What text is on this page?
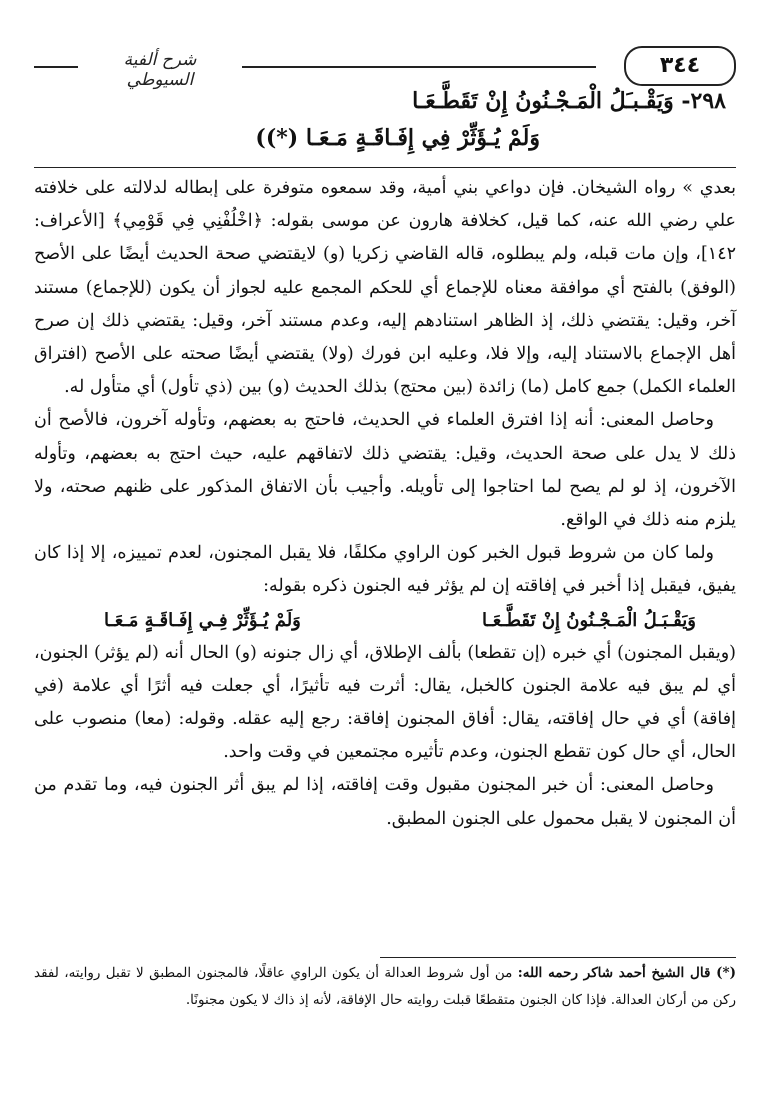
٣٤٤
شرح ألفية السيوطي
٢٩٨- وَيَقْـبـَلُ الْمَـجْـنُونُ إِنْ تَقَطَّـعَـا
وَلَمْ يُـؤَثِّرْ فِي إِفَـاقَـةٍ مَـعَـا (*))

بعدي » رواه الشيخان. فإن دواعي بني أمية، وقد سمعوه متوفرة على إبطاله لدلالته على خلافته علي رضي الله عنه، كما قيل، كخلافة هارون عن موسى بقوله: ﴿اخْلُفْنِي فِي قَوْمِي﴾ [الأعراف: ١٤٢]، وإن مات قبله، ولم يبطلوه، قاله القاضي زكريا (و) لايقتضي صحة الحديث أيضًا على الأصح (الوفق) بالفتح أي موافقة معناه للإجماع أي للحكم المجمع عليه لجواز أن يكون (للإجماع) مستند آخر، وقيل: يقتضي ذلك، إذ الظاهر استنادهم إليه، وعدم مستند آخر، وقيل: يقتضي ذلك إن صرح أهل الإجماع بالاستناد إليه، وإلا فلا، وعليه ابن فورك (ولا) يقتضي أيضًا صحته على الأصح (افتراق العلماء الكمل) جمع كامل (ما) زائدة (بين محتج) بذلك الحديث (و) بين (ذي تأول) أي متأول له.

وحاصل المعنى: أنه إذا افترق العلماء في الحديث، فاحتج به بعضهم، وتأوله آخرون، فالأصح أن ذلك لا يدل على صحة الحديث، وقيل: يقتضي ذلك لاتفاقهم عليه، حيث احتج به بعضهم، وتأوله الآخرون، إذ لو لم يصح لما احتاجوا إلى تأويله. وأجيب بأن الاتفاق المذكور على ظنهم صحته، ولا يلزم منه ذلك في الواقع.

ولما كان من شروط قبول الخبر كون الراوي مكلفًا، فلا يقبل المجنون، لعدم تمييزه، إلا إذا كان يفيق، فيقبل إذا أخبر في إفاقته إن لم يؤثر فيه الجنون ذكره بقوله:

وَيَقْـبَـلُ الْمَـجْـنُونُ إِنْ تَقَطَّـعَـا
وَلَمْ يُـؤَثِّرْ فِـي إِفَـاقَـةٍ مَـعَـا

(ويقبل المجنون) أي خبره (إن تقطعا) بألف الإطلاق، أي زال جنونه (و) الحال أنه (لم يؤثر) الجنون، أي لم يبق فيه علامة الجنون كالخبل، يقال: أثرت فيه تأثيرًا، أي جعلت فيه أثرًا أي علامة (في إفاقة) أي في حال إفاقته، يقال: أفاق المجنون إفاقة: رجع إليه عقله. وقوله: (معا) منصوب على الحال، أي حال كون تقطع الجنون، وعدم تأثيره مجتمعين في وقت واحد.

وحاصل المعنى: أن خبر المجنون مقبول وقت إفاقته، إذا لم يبق أثر الجنون فيه، وما تقدم من أن المجنون لا يقبل محمول على الجنون المطبق.

(*) قال الشيخ أحمد شاكر رحمه الله: من أول شروط العدالة أن يكون الراوي عاقلًا، فالمجنون المطبق لا تقبل روايته، لفقد ركن من أركان العدالة. فإذا كان الجنون متقطعًا قبلت روايته حال الإفاقة، لأنه إذ ذاك لا يكون مجنونًا.
